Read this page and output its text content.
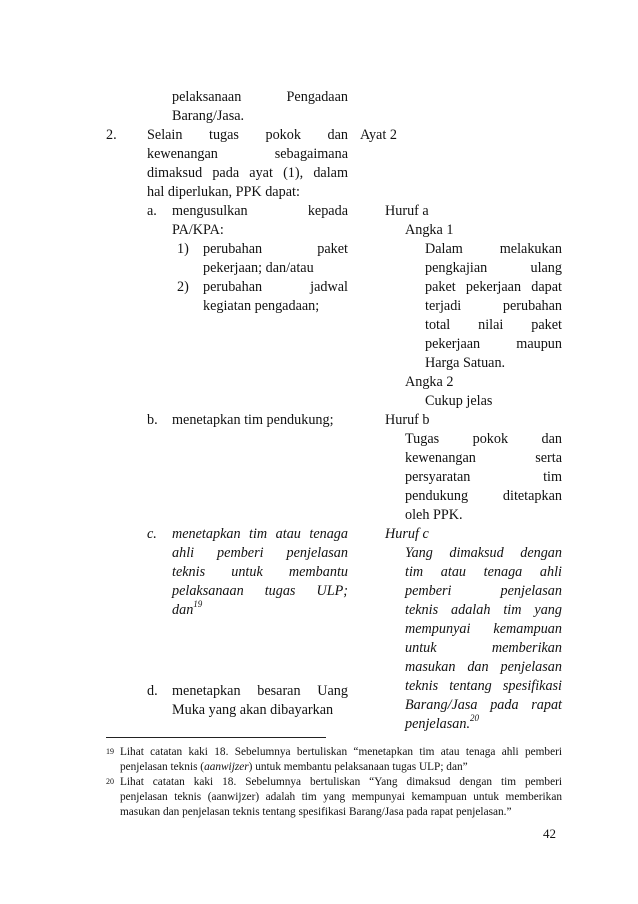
pelaksanaan	Pengadaan
Barang/Jasa.
2. Selain tugas pokok dan
kewenangan sebagaimana
dimaksud pada ayat (1), dalam
hal diperlukan, PPK dapat:
Ayat 2
a. mengusulkan kepada
PA/KPA:
1) perubahan paket
pekerjaan; dan/atau
2) perubahan jadwal
kegiatan pengadaan;
Huruf a
Angka 1
Dalam melakukan
pengkajian ulang
paket pekerjaan dapat
terjadi perubahan
total nilai paket
pekerjaan maupun
Harga Satuan.
Angka 2
Cukup jelas
b. menetapkan tim pendukung;	Huruf b
Tugas pokok dan
kewenangan serta
persyaratan tim
pendukung ditetapkan
oleh PPK.
c. menetapkan tim atau tenaga
ahli pemberi penjelasan
teknis untuk membantu
pelaksanaan tugas ULP;
dan$^{19}$
Huruf c
Yang dimaksud dengan
tim atau tenaga ahli
pemberi penjelasan
teknis adalah tim yang
mempunyai kemampuan
untuk memberikan
masukan dan penjelasan
teknis tentang spesifikasi
Barang/Jasa pada rapat
penjelasan.$^{20}$
d. menetapkan besaran Uang
Muka yang akan dibayarkan
19 Lihat catatan kaki 18. Sebelumnya bertuliskan “menetapkan tim atau tenaga ahli pemberi
penjelasan teknis (aanwijzer) untuk membantu pelaksanaan tugas ULP; dan”
20 Lihat catatan kaki 18. Sebelumnya bertuliskan “Yang dimaksud dengan tim pemberi
penjelasan teknis (aanwijzer) adalah tim yang mempunyai kemampuan untuk memberikan
masukan dan penjelasan teknis tentang spesifikasi Barang/Jasa pada rapat penjelasan.”
42
